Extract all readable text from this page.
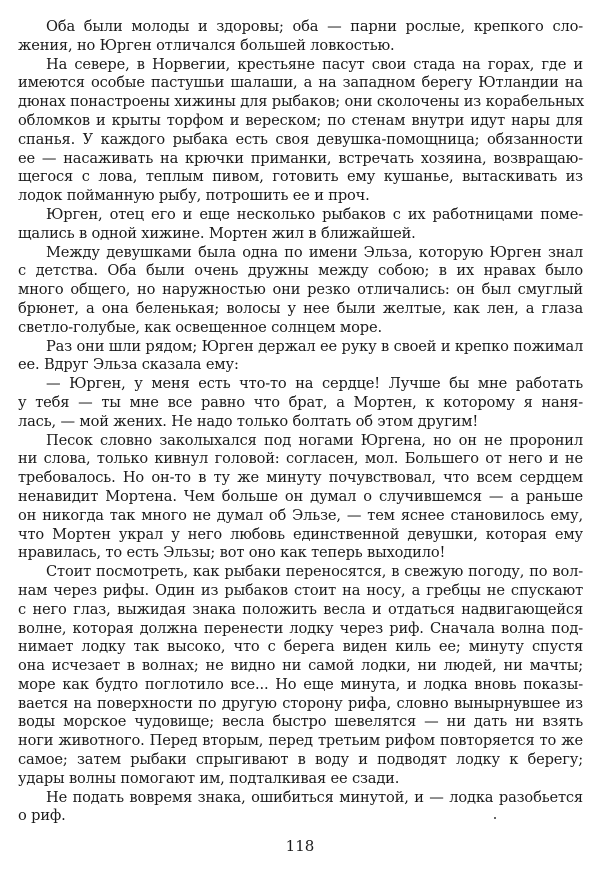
Оба были молоды и здоровы; оба — парни рослые, крепкого сло-
жения, но Юрген отличался большей ловкостью.
На севере, в Норвегии, крестьяне пасут свои стада на горах, где и
имеются особые пастушьи шалаши, а на западном берегу Ютландии на
дюнах понастроены хижины для рыбаков; они сколочены из корабельных
обломков и крыты торфом и вереском; по стенам внутри идут нары для
спанья. У каждого рыбака есть своя девушка-помощница; обязанности
ее — насаживать на крючки приманки, встречать хозяина, возвращаю-
щегося с лова, теплым пивом, готовить ему кушанье, вытаскивать из
лодок пойманную рыбу, потрошить ее и проч.
Юрген, отец его и еще несколько рыбаков с их работницами поме-
щались в одной хижине. Мортен жил в ближайшей.
Между девушками была одна по имени Эльза, которую Юрген знал
с детства. Оба были очень дружны между собою; в их нравах было
много общего, но наружностью они резко отличались: он был смуглый
брюнет, а она беленькая; волосы у нее были желтые, как лен, а глаза
светло-голубые, как освещенное солнцем море.
Раз они шли рядом; Юрген держал ее руку в своей и крепко пожимал
ее. Вдруг Эльза сказала ему:
— Юрген, у меня есть что-то на сердце! Лучше бы мне работать
у тебя — ты мне все равно что брат, а Мортен, к которому я наня-
лась, — мой жених. Не надо только болтать об этом другим!
Песок словно заколыхался под ногами Юргена, но он не проронил
ни слова, только кивнул головой: согласен, мол. Большего от него и не
требовалось. Но он-то в ту же минуту почувствовал, что всем сердцем
ненавидит Мортена. Чем больше он думал о случившемся — а раньше
он никогда так много не думал об Эльзе, — тем яснее становилось ему,
что Мортен украл у него любовь единственной девушки, которая ему
нравилась, то есть Эльзы; вот оно как теперь выходило!
Стоит посмотреть, как рыбаки переносятся, в свежую погоду, по вол-
нам через рифы. Один из рыбаков стоит на носу, а гребцы не спускают
с него глаз, выжидая знака положить весла и отдаться надвигающейся
волне, которая должна перенести лодку через риф. Сначала волна под-
нимает лодку так высоко, что с берега виден киль ее; минуту спустя
она исчезает в волнах; не видно ни самой лодки, ни людей, ни мачты;
море как будто поглотило все... Но еще минута, и лодка вновь показы-
вается на поверхности по другую сторону рифа, словно вынырнувшее из
воды морское чудовище; весла быстро шевелятся — ни дать ни взять
ноги животного. Перед вторым, перед третьим рифом повторяется то же
самое; затем рыбаки спрыгивают в воду и подводят лодку к берегу;
удары волны помогают им, подталкивая ее сзади.
Не подать вовремя знака, ошибиться минутой, и — лодка разобьется
о риф.
118
